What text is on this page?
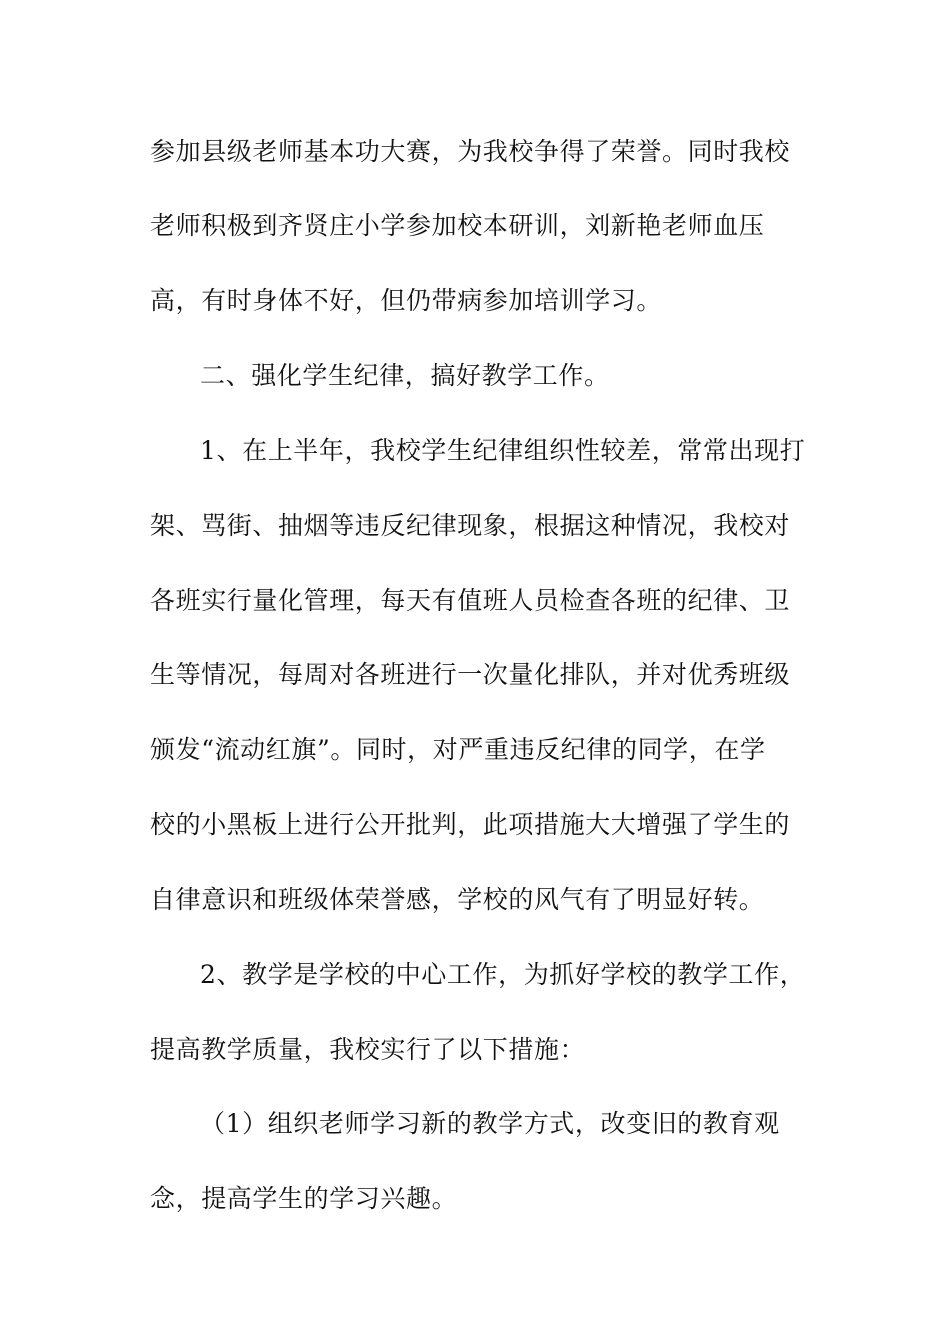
参加县级老师基本功大赛，为我校争得了荣誉。同时我校
老师积极到齐贤庄小学参加校本研训，刘新艳老师血压
高，有时身体不好，但仍带病参加培训学习。
二、强化学生纪律，搞好教学工作。
1、在上半年，我校学生纪律组织性较差，常常出现打
架、骂街、抽烟等违反纪律现象，根据这种情况，我校对
各班实行量化管理，每天有值班人员检查各班的纪律、卫
生等情况，每周对各班进行一次量化排队，并对优秀班级
颁发“流动红旗”。同时，对严重违反纪律的同学，在学
校的小黑板上进行公开批判，此项措施大大增强了学生的
自律意识和班级体荣誉感，学校的风气有了明显好转。
2、教学是学校的中心工作，为抓好学校的教学工作，
提高教学质量，我校实行了以下措施：
（1）组织老师学习新的教学方式，改变旧的教育观
念，提高学生的学习兴趣。
